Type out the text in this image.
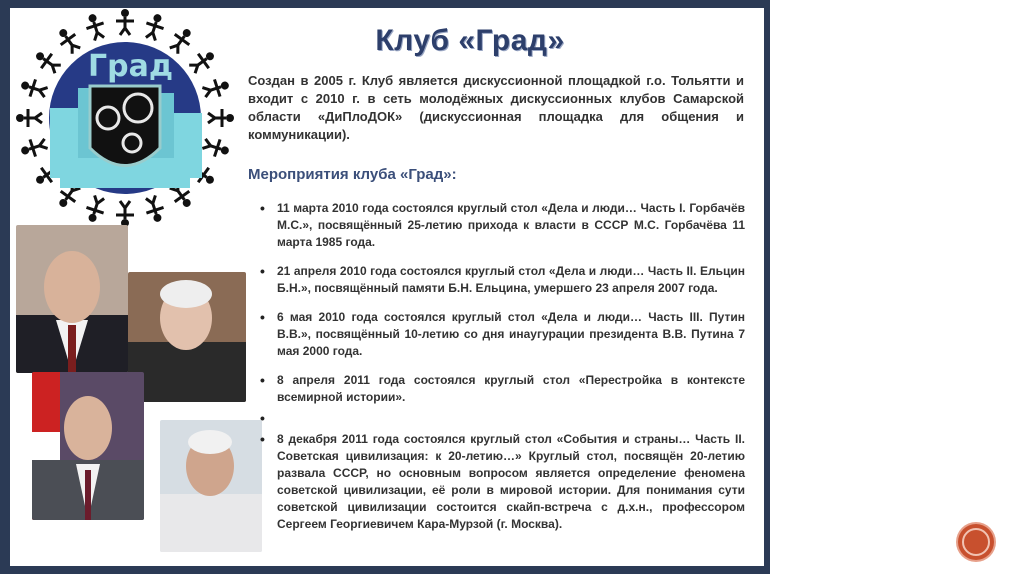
Град
Клуб «Град»
Создан в 2005 г. Клуб является дискуссионной площадкой г.о. Тольятти и входит с 2010 г. в сеть молодёжных дискуссионных клубов Самарской области «ДиПлоДОК» (дискуссионная площадка для общения и коммуникации).
Мероприятия клуба «Град»:
• 11 марта 2010 года состоялся круглый стол «Дела и люди… Часть I. Горбачёв М.С.», посвящённый 25-летию прихода к власти в СССР М.С. Горбачёва 11 марта 1985 года.
• 21 апреля 2010 года состоялся круглый стол «Дела и люди… Часть II. Ельцин Б.Н.», посвящённый памяти Б.Н. Ельцина, умершего 23 апреля 2007 года.
• 6 мая 2010 года состоялся круглый стол «Дела и люди… Часть III. Путин В.В.», посвящённый 10-летию со дня инаугурации президента В.В. Путина 7 мая 2000 года.
• 8 апреля 2011 года состоялся круглый стол «Перестройка в контексте всемирной истории».
•
• 8 декабря 2011 года состоялся круглый стол «События и страны… Часть II. Советская цивилизация: к 20-летию…» Круглый стол, посвящён 20-летию развала СССР, но основным вопросом является определение феномена советской цивилизации, её роли в мировой истории. Для понимания сути советской цивилизации состоится скайп-встреча с д.х.н., профессором Сергеем Георгиевичем Кара-Мурзой (г. Москва).
